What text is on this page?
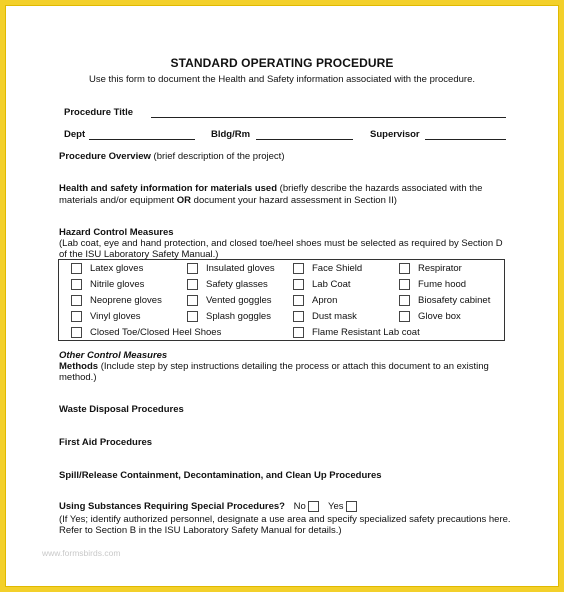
STANDARD OPERATING PROCEDURE
Use this form to document the Health and Safety information associated with the procedure.
Procedure Title
Dept	Bldg/Rm	Supervisor
Procedure Overview (brief description of the project)
Health and safety information for materials used (briefly describe the hazards associated with the
materials and/or equipment OR document your hazard assessment in Section II)
Hazard Control Measures
(Lab coat, eye and hand protection, and closed toe/heel shoes must be selected as required by Section D
of the ISU Laboratory Safety Manual.)
Latex gloves
Nitrile gloves
Neoprene gloves
Vinyl gloves
Closed Toe/Closed Heel Shoes
Insulated gloves
Safety glasses
Vented goggles
Splash goggles
Face Shield
Lab Coat
Apron
Dust mask
Flame Resistant Lab coat
Respirator
Fume hood
Biosafety cabinet
Glove box
Other Control Measures
Methods (Include step by step instructions detailing the process or attach this document to an existing
method.)
Waste Disposal Procedures
First Aid Procedures
Spill/Release Containment, Decontamination, and Clean Up Procedures
Using Substances Requiring Special Procedures? No Yes
(If Yes; identify authorized personnel, designate a use area and specify specialized safety precautions here.
Refer to Section B in the ISU Laboratory Safety Manual for details.)
www.formsbirds.com
